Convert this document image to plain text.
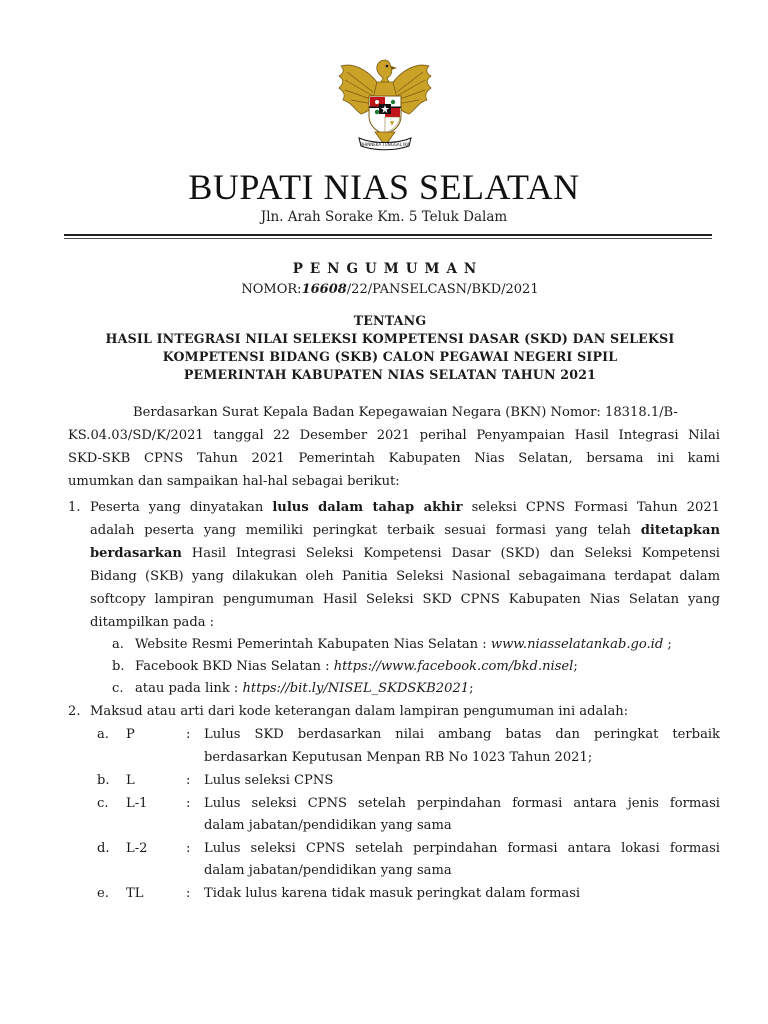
BHINNEKA TUNGGAL IKA
BUPATI NIAS SELATAN
Jln. Arah Sorake Km. 5 Teluk Dalam
PENGUMUMAN
NOMOR:16608/22/PANSELCASN/BKD/2021
TENTANG
HASIL INTEGRASI NILAI SELEKSI KOMPETENSI DASAR (SKD) DAN SELEKSI
KOMPETENSI BIDANG (SKB) CALON PEGAWAI NEGERI SIPIL
PEMERINTAH KABUPATEN NIAS SELATAN TAHUN 2021
Berdasarkan Surat Kepala Badan Kepegawaian Negara (BKN) Nomor: 18318.1/B-
KS.04.03/SD/K/2021 tanggal 22 Desember 2021 perihal Penyampaian Hasil Integrasi Nilai
SKD-SKB CPNS Tahun 2021 Pemerintah Kabupaten Nias Selatan, bersama ini kami
umumkan dan sampaikan hal-hal sebagai berikut:
1. Peserta yang dinyatakan lulus dalam tahap akhir seleksi CPNS Formasi Tahun 2021
adalah peserta yang memiliki peringkat terbaik sesuai formasi yang telah ditetapkan
berdasarkan Hasil Integrasi Seleksi Kompetensi Dasar (SKD) dan Seleksi Kompetensi
Bidang (SKB) yang dilakukan oleh Panitia Seleksi Nasional sebagaimana terdapat dalam
softcopy lampiran pengumuman Hasil Seleksi SKD CPNS Kabupaten Nias Selatan yang
ditampilkan pada :
a. Website Resmi Pemerintah Kabupaten Nias Selatan : www.niasselatankab.go.id ;
b. Facebook BKD Nias Selatan : https://www.facebook.com/bkd.nisel;
c. atau pada link : https://bit.ly/NISEL_SKDSKB2021;
2. Maksud atau arti dari kode keterangan dalam lampiran pengumuman ini adalah:
a. P	: Lulus SKD berdasarkan nilai ambang batas dan peringkat terbaik
berdasarkan Keputusan Menpan RB No 1023 Tahun 2021;
b. L	: Lulus seleksi CPNS
c. L-1	: Lulus seleksi CPNS setelah perpindahan formasi antara jenis formasi
dalam jabatan/pendidikan yang sama
d. L-2	: Lulus seleksi CPNS setelah perpindahan formasi antara lokasi formasi
dalam jabatan/pendidikan yang sama
e. TL	: Tidak lulus karena tidak masuk peringkat dalam formasi
